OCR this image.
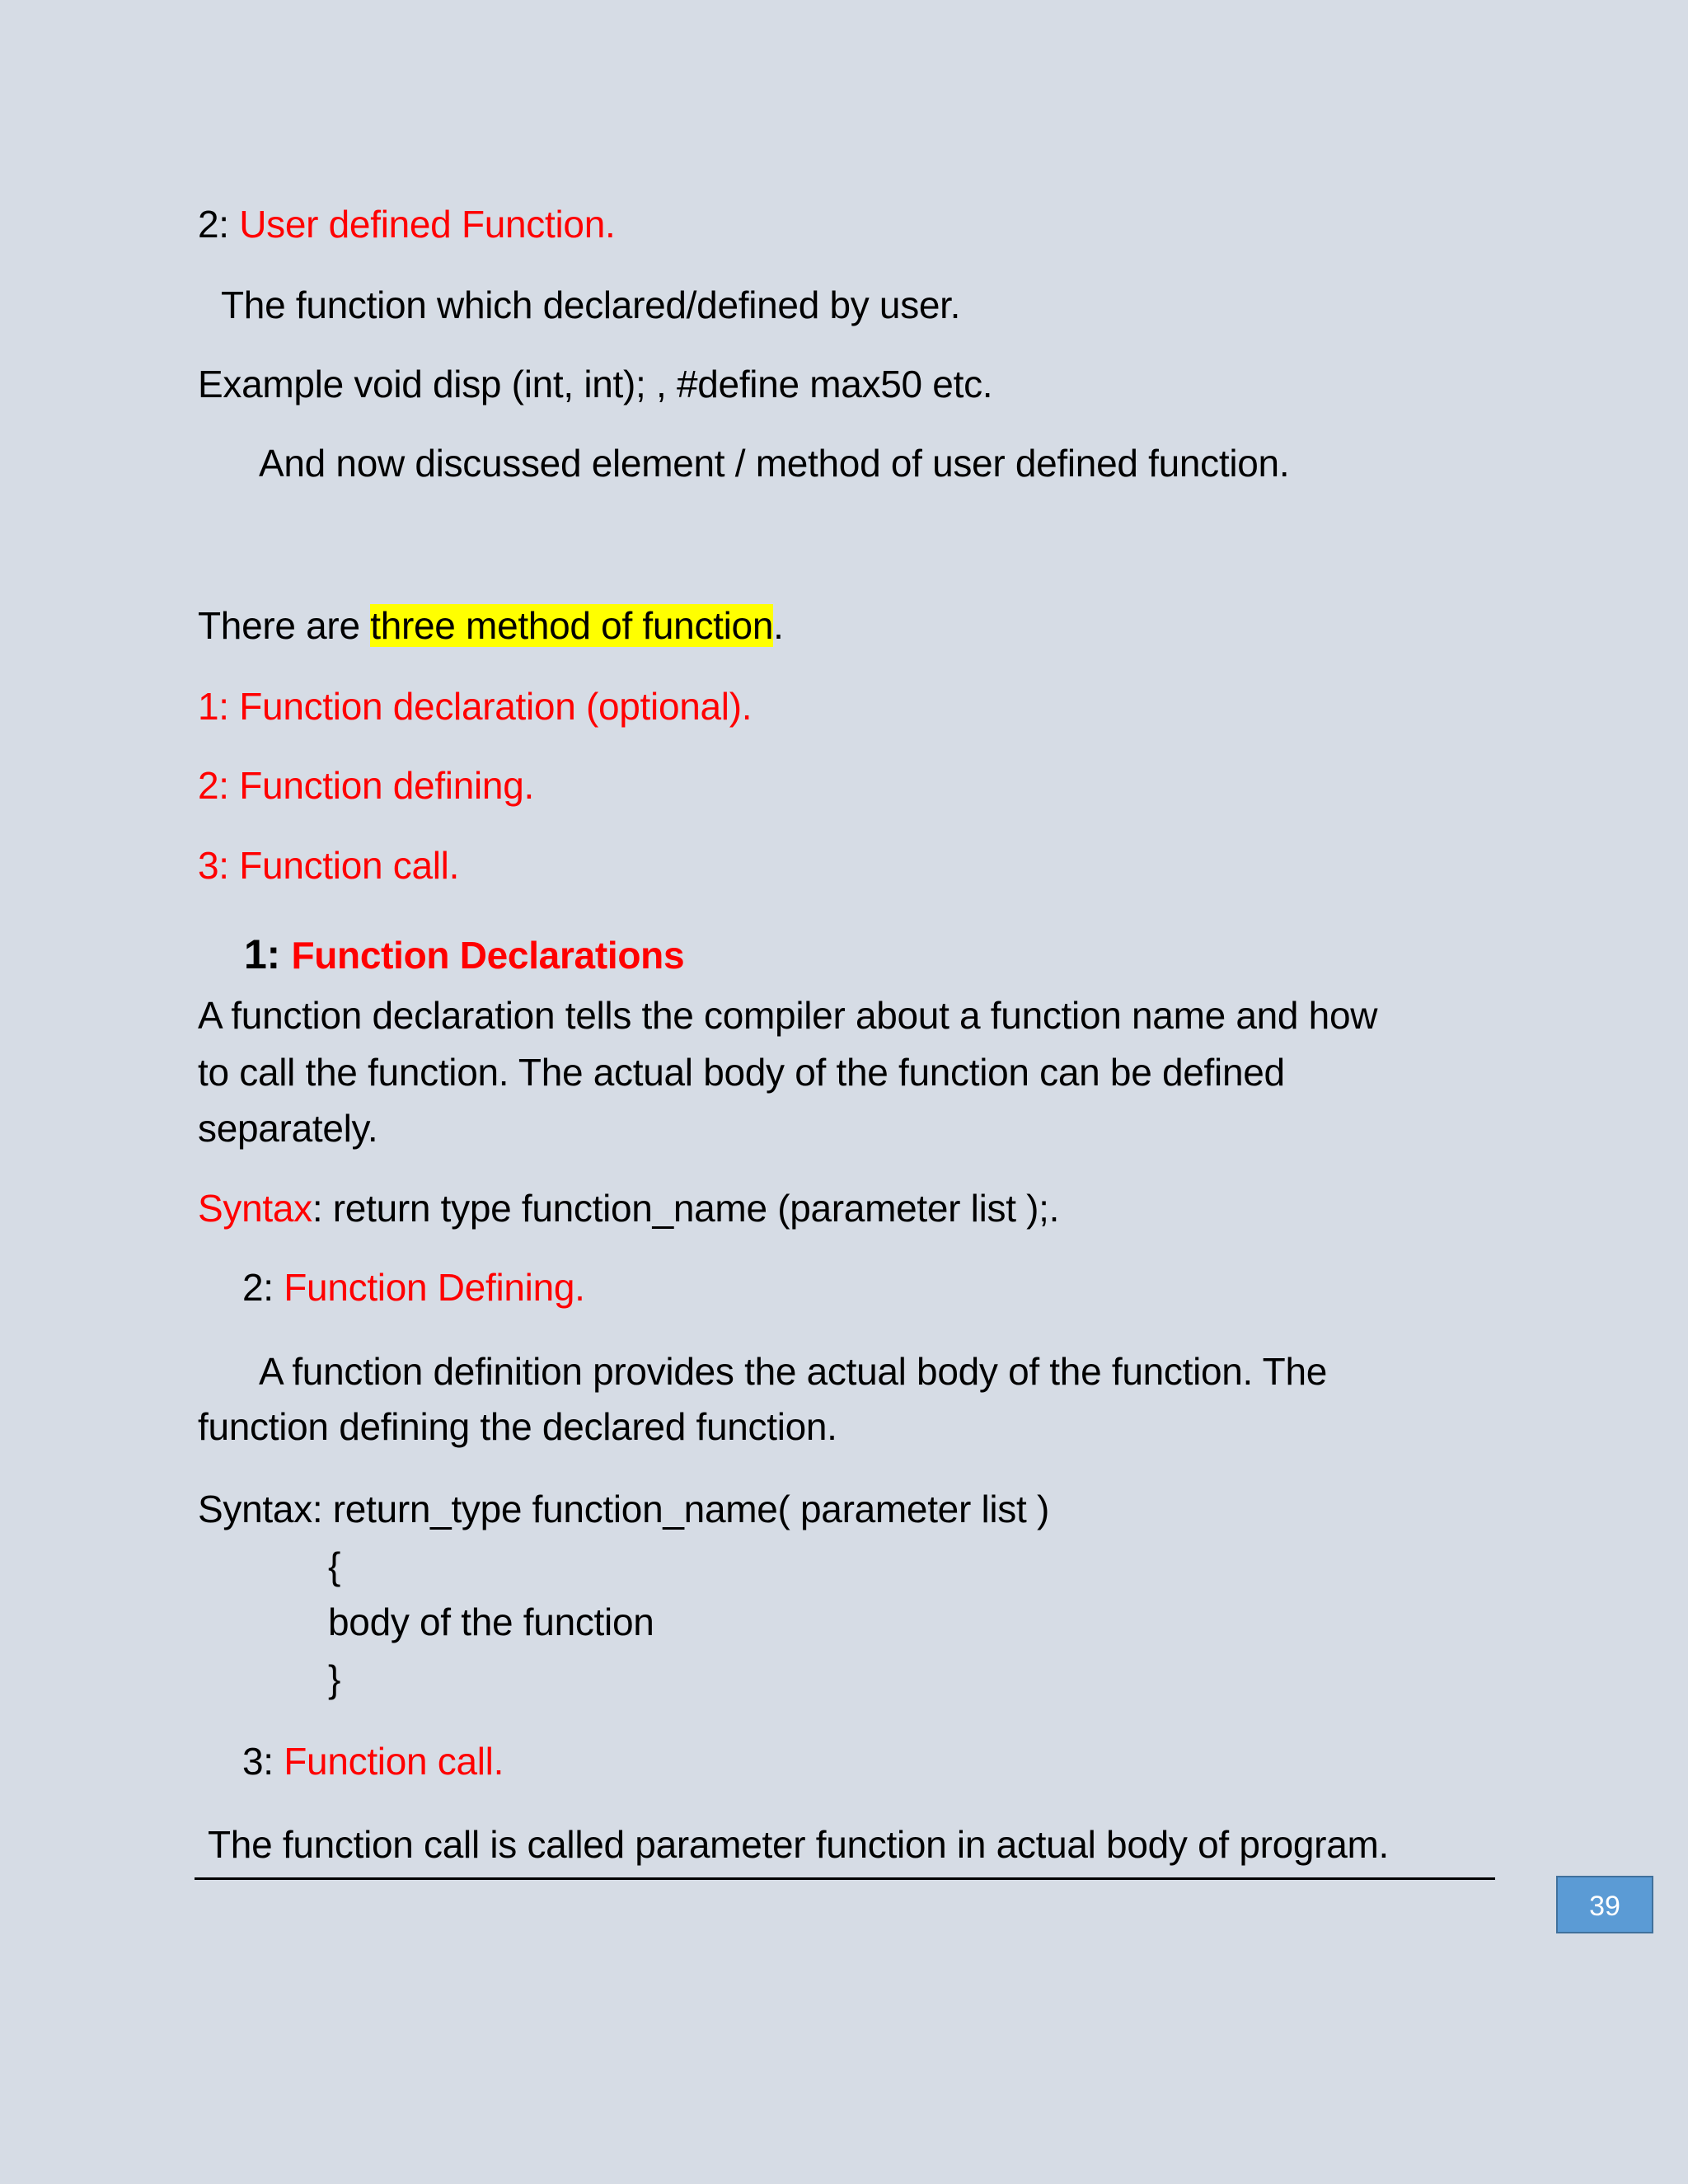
2: User defined Function.
The function which declared/defined by user.
Example void disp (int, int); , #define max50 etc.
And now discussed element / method of user defined function.
There are three method of function.
1: Function declaration (optional).
2: Function defining.
3: Function call.
1: Function Declarations
A function declaration tells the compiler about a function name and how
to call the function. The actual body of the function can be defined
separately.
Syntax: return type function_name (parameter list );.
2: Function Defining.
A function definition provides the actual body of the function. The
function defining the declared function.
Syntax: return_type function_name( parameter list )
{
body of the function
}
3: Function call.
The function call is called parameter function in actual body of program.
39
